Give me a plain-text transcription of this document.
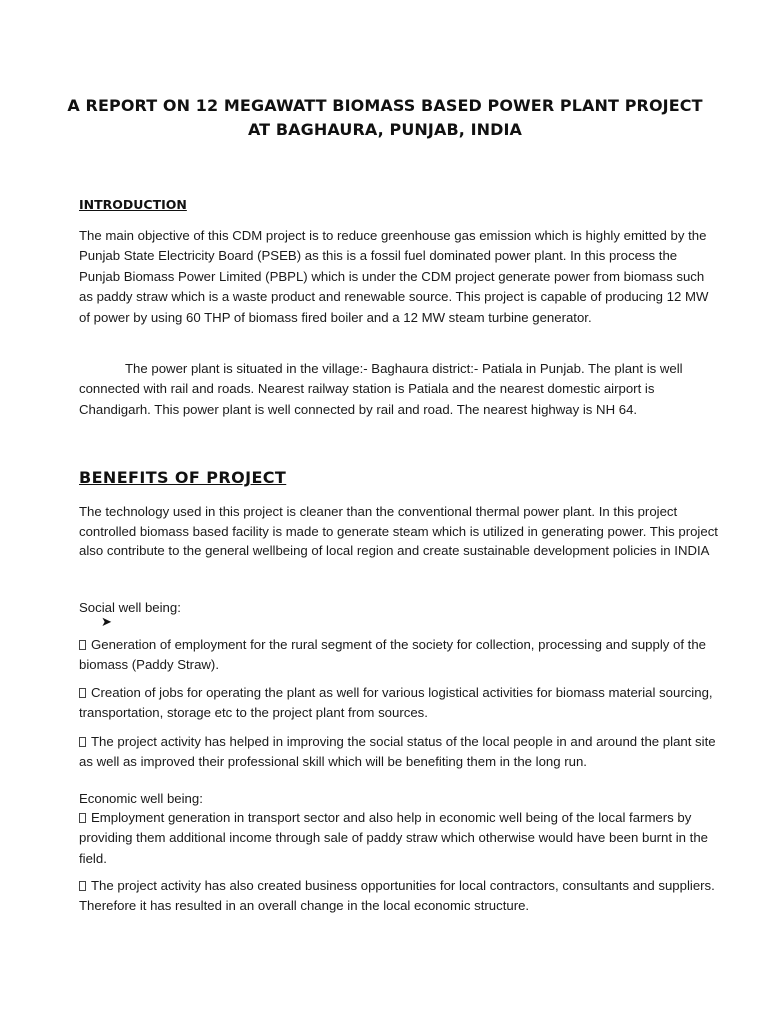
A REPORT ON 12 MEGAWATT BIOMASS BASED POWER PLANT PROJECT AT BAGHAURA, PUNJAB, INDIA
INTRODUCTION
The main objective of this CDM project is to reduce greenhouse gas emission which is highly emitted by the Punjab State Electricity Board (PSEB) as this is a fossil fuel dominated power plant. In this process the Punjab Biomass Power Limited (PBPL) which is under the CDM project generate power from biomass such as paddy straw which is a waste product and renewable source. This project is capable of producing 12 MW of power by using 60 THP of biomass fired boiler and a 12 MW steam turbine generator.
The power plant is situated in the village:- Baghaura district:- Patiala in Punjab. The plant is well connected with rail and roads. Nearest railway station is Patiala and the nearest domestic airport is Chandigarh. This power plant is well connected by rail and road. The nearest highway is NH 64.
BENEFITS OF PROJECT
The technology used in this project is cleaner than the conventional thermal power plant. In this project controlled biomass based facility is made to generate steam which is utilized in generating power. This project also contribute to the general wellbeing of local region and create sustainable development policies in INDIA
Social well being:
➤
Generation of employment for the rural segment of the society for collection, processing and supply of the biomass (Paddy Straw).
Creation of jobs for operating the plant as well for various logistical activities for biomass material sourcing, transportation, storage etc to the project plant from sources.
The project activity has helped in improving the social status of the local people in and around the plant site as well as improved their professional skill which will be benefiting them in the long run.
Economic well being:
Employment generation in transport sector and also help in economic well being of the local farmers by providing them additional income through sale of paddy straw which otherwise would have been burnt in the field.
The project activity has also created business opportunities for local contractors, consultants and suppliers. Therefore it has resulted in an overall change in the local economic structure.
